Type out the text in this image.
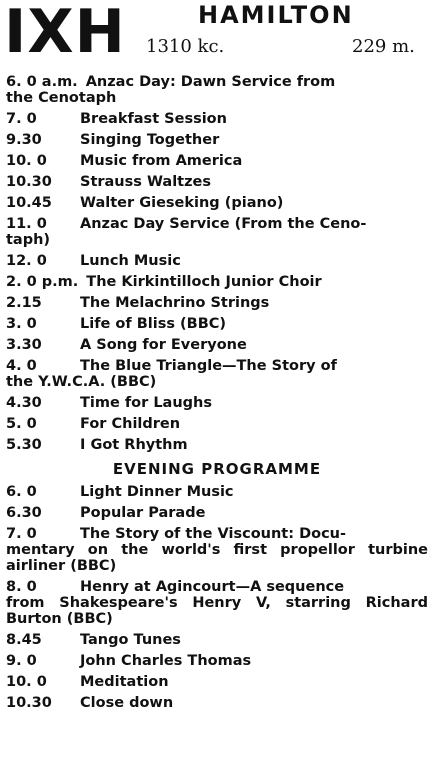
IXH	HAMILTON
1310 kc.	229 m.
6. 0 a.m. Anzac Day: Dawn Service from
the Cenotaph
7. 0	Breakfast Session
9.30	Singing Together
10. 0 Music from America
10.30 Strauss Waltzes
10.45 Walter Gieseking (piano)
11. 0 Anzac Day Service (From the Ceno-
taph)
12. 0 Lunch Music
2. 0 p.m. The Kirkintilloch Junior Choir
2.15	The Melachrino Strings
3. 0	Life of Bliss (BBC)
3.30	A Song for Everyone
4. 0	The Blue Triangle—The Story of
the Y.W.C.A. (BBC)
4.30	Time for Laughs
5. 0	For Children
5.30	I Got Rhythm
EVENING PROGRAMME
6. 0	Light Dinner Music
6.30	Popular Parade
7. 0	The Story of the Viscount: Docu-
mentary on the world's first propellor turbine airliner (BBC)
8. 0	Henry at Agincourt—A sequence
from Shakespeare's Henry V, starring Richard Burton (BBC)
8.45	Tango Tunes
9. 0	John Charles Thomas
10. 0 Meditation
10.30 Close down
